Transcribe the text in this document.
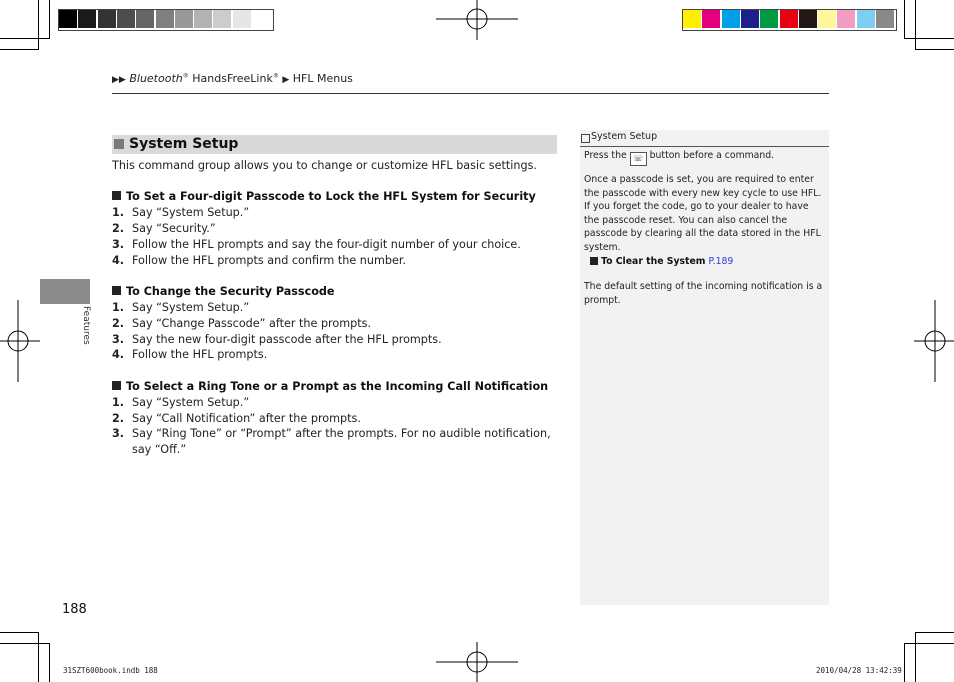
▶▶ Bluetooth® HandsFreeLink® ▶ HFL Menus
Features
System Setup
This command group allows you to change or customize HFL basic settings.
To Set a Four-digit Passcode to Lock the HFL System for Security
1. Say “System Setup.”
2. Say “Security.”
3. Follow the HFL prompts and say the four-digit number of your choice.
4. Follow the HFL prompts and confirm the number.
To Change the Security Passcode
1. Say “System Setup.”
2. Say “Change Passcode” after the prompts.
3. Say the new four-digit passcode after the HFL prompts.
4. Follow the HFL prompts.
To Select a Ring Tone or a Prompt as the Incoming Call Notification
1. Say “System Setup.”
2. Say “Call Notification” after the prompts.
3. Say “Ring Tone” or “Prompt” after the prompts. For no audible notification, say “Off.”
System Setup

Press the ☏ button before a command.

Once a passcode is set, you are required to enter the passcode with every new key cycle to use HFL. If you forget the code, go to your dealer to have the passcode reset. You can also cancel the passcode by clearing all the data stored in the HFL system.

To Clear the System P.189

The default setting of the incoming notification is a prompt.

188
31SZT600book.indb 188	2010/04/28 13:42:39
